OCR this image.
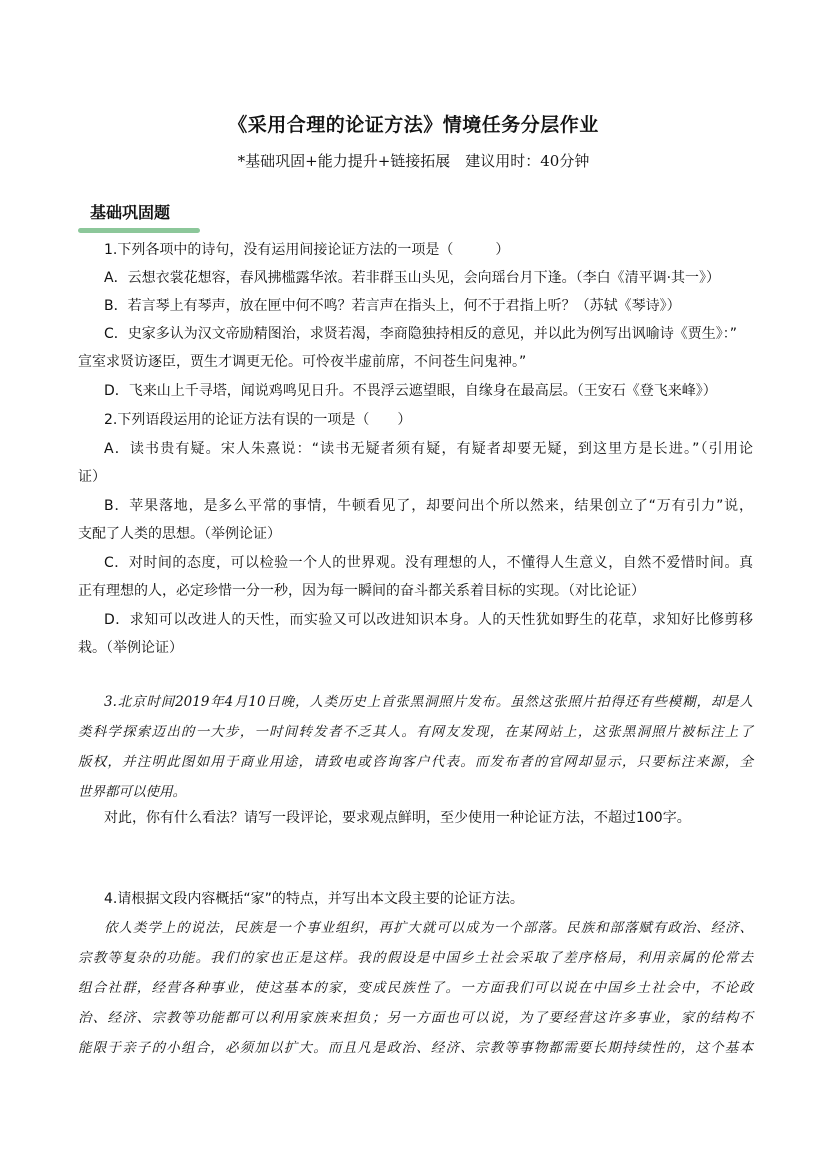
《采用合理的论证方法》情境任务分层作业
*基础巩固+能力提升+链接拓展　建议用时：40分钟
基础巩固题
1.下列各项中的诗句，没有运用间接论证方法的一项是（　　　）
A．云想衣裳花想容，春风拂槛露华浓。若非群玉山头见，会向瑶台月下逢。（李白《清平调·其一》）
B．若言琴上有琴声，放在匣中何不鸣？若言声在指头上，何不于君指上听？（苏轼《琴诗》）
C．史家多认为汉文帝励精图治，求贤若渴，李商隐独持相反的意见，并以此为例写出讽喻诗《贾生》：”
宣室求贤访逐臣，贾生才调更无伦。可怜夜半虚前席，不问苍生问鬼神。”
D．飞来山上千寻塔，闻说鸡鸣见日升。不畏浮云遮望眼，自缘身在最高层。（王安石《登飞来峰》）
2.下列语段运用的论证方法有误的一项是（　　）
A．读书贵有疑。宋人朱熹说：“读书无疑者须有疑，有疑者却要无疑，到这里方是长进。”（引用论
证）
B．苹果落地，是多么平常的事情，牛顿看见了，却要问出个所以然来，结果创立了“万有引力”说，
支配了人类的思想。（举例论证）
C．对时间的态度，可以检验一个人的世界观。没有理想的人，不懂得人生意义，自然不爱惜时间。真
正有理想的人，必定珍惜一分一秒，因为每一瞬间的奋斗都关系着目标的实现。（对比论证）
D．求知可以改进人的天性，而实验又可以改进知识本身。人的天性犹如野生的花草，求知好比修剪移
栽。（举例论证）
3.北京时间2019年4月10日晚，人类历史上首张黑洞照片发布。虽然这张照片拍得还有些模糊，却是人
类科学探索迈出的一大步，一时间转发者不乏其人。有网友发现，在某网站上，这张黑洞照片被标注上了
版权，并注明此图如用于商业用途，请致电或咨询客户代表。而发布者的官网却显示，只要标注来源，全
世界都可以使用。
对此，你有什么看法？请写一段评论，要求观点鲜明，至少使用一种论证方法，不超过100字。
4.请根据文段内容概括“家”的特点，并写出本文段主要的论证方法。
依人类学上的说法，民族是一个事业组织，再扩大就可以成为一个部落。民族和部落赋有政治、经济、
宗教等复杂的功能。我们的家也正是这样。我的假设是中国乡土社会采取了差序格局，利用亲属的伦常去
组合社群，经营各种事业，使这基本的家，变成民族性了。一方面我们可以说在中国乡土社会中，不论政
治、经济、宗教等功能都可以利用家族来担负；另一方面也可以说，为了要经营这许多事业，家的结构不
能限于亲子的小组合，必须加以扩大。而且凡是政治、经济、宗教等事物都需要长期持续性的，这个基本
